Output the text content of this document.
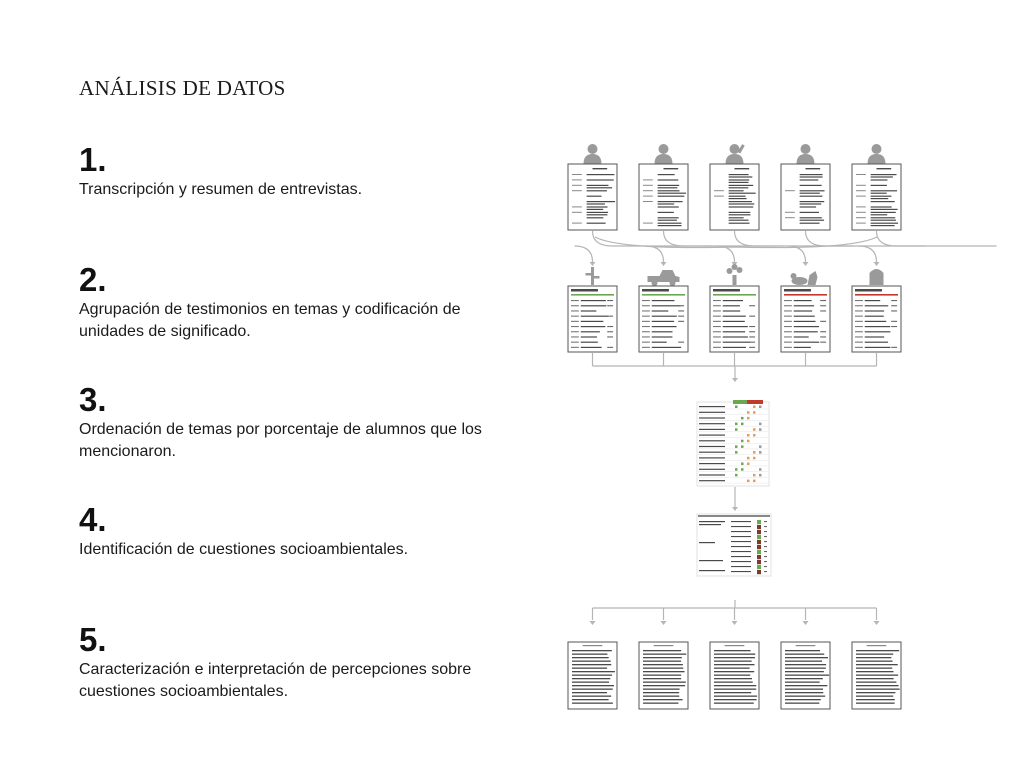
ANÁLISIS DE DATOS
1.
Transcripción y resumen de entrevistas.
2.
Agrupación de testimonios en temas y codificación de unidades de significado.
3.
Ordenación de temas por porcentaje de alumnos que los mencionaron.
4.
Identificación de cuestiones socioambientales.
5.
Caracterización e interpretación de percepciones sobre cuestiones socioambientales.
